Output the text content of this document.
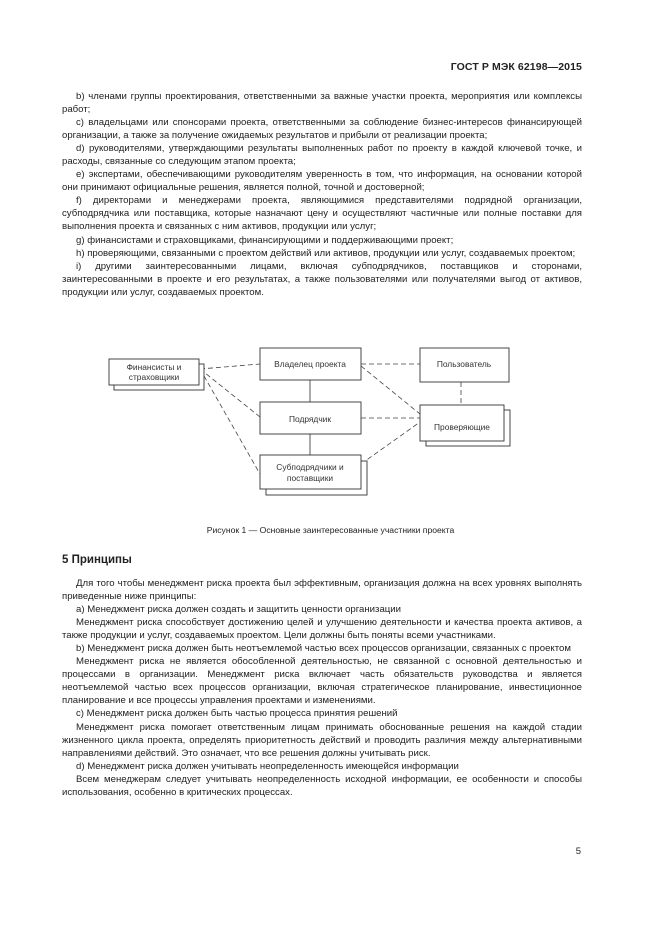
ГОСТ Р МЭК 62198—2015

b) членами группы проектирования, ответственными за важные участки проекта, мероприятия или комплексы работ;

c) владельцами или спонсорами проекта, ответственными за соблюдение бизнес-интересов финансирующей организации, а также за получение ожидаемых результатов и прибыли от реализации проекта;

d) руководителями, утверждающими результаты выполненных работ по проекту в каждой ключевой точке, и расходы, связанные со следующим этапом проекта;

e) экспертами, обеспечивающими руководителям уверенность в том, что информация, на основании которой они принимают официальные решения, является полной, точной и достоверной;

f) директорами и менеджерами проекта, являющимися представителями подрядной организации, субподрядчика или поставщика, которые назначают цену и осуществляют частичные или полные поставки для выполнения проекта и связанных с ним активов, продукции или услуг;

g) финансистами и страховщиками, финансирующими и поддерживающими проект;

h) проверяющими, связанными с проектом действий или активов, продукции или услуг, создаваемых проектом;

i) другими заинтересованными лицами, включая субподрядчиков, поставщиков и сторонами, заинтересованными в проекте и его результатах, а также пользователями или получателями выгод от активов, продукции или услуг, создаваемых проектом.

Финансисты и
страховщики
Владелец проекта	Пользователь
Подрядчик
Проверяющие
Субподрядчики и
поставщики
Рисунок 1 — Основные заинтересованные участники проекта
5 Принципы

Для того чтобы менеджмент риска проекта был эффективным, организация должна на всех уровнях выполнять приведенные ниже принципы:

a) Менеджмент риска должен создать и защитить ценности организации

Менеджмент риска способствует достижению целей и улучшению деятельности и качества проекта активов, а также продукции и услуг, создаваемых проектом. Цели должны быть поняты всеми участниками.

b) Менеджмент риска должен быть неотъемлемой частью всех процессов организации, связанных с проектом

Менеджмент риска не является обособленной деятельностью, не связанной с основной деятельностью и процессами в организации. Менеджмент риска включает часть обязательств руководства и является неотъемлемой частью всех процессов организации, включая стратегическое планирование, инвестиционное планирование и все процессы управления проектами и изменениями.

c) Менеджмент риска должен быть частью процесса принятия решений

Менеджмент риска помогает ответственным лицам принимать обоснованные решения на каждой стадии жизненного цикла проекта, определять приоритетность действий и проводить различия между альтернативными направлениями действий. Это означает, что все решения должны учитывать риск.

d) Менеджмент риска должен учитывать неопределенность имеющейся информации

Всем менеджерам следует учитывать неопределенность исходной информации, ее особенности и способы использования, особенно в критических процессах.

5
